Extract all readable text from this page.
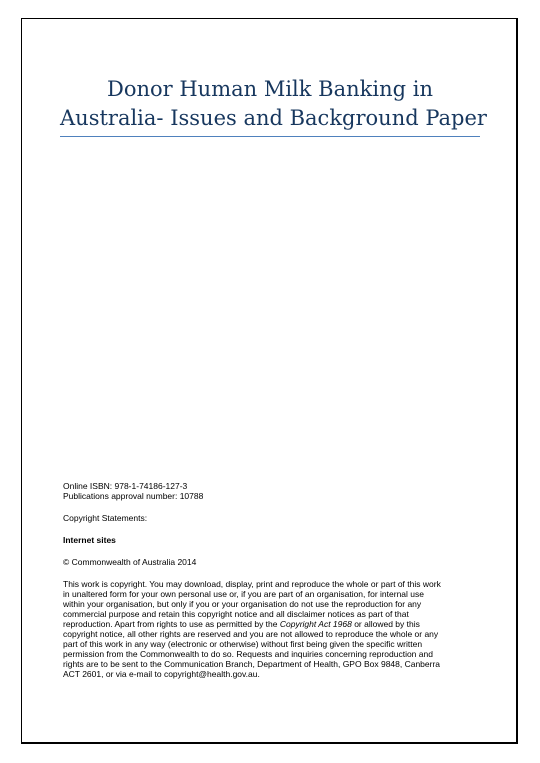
Donor Human Milk Banking in
Australia- Issues and Background Paper

Online ISBN: 978-1-74186-127-3

Publications approval number: 10788

Copyright Statements:

Internet sites

© Commonwealth of Australia 2014

This work is copyright. You may download, display, print and reproduce the whole or part of this work
in unaltered form for your own personal use or, if you are part of an organisation, for internal use
within your organisation, but only if you or your organisation do not use the reproduction for any
commercial purpose and retain this copyright notice and all disclaimer notices as part of that
reproduction. Apart from rights to use as permitted by the Copyright Act 1968 or allowed by this
copyright notice, all other rights are reserved and you are not allowed to reproduce the whole or any
part of this work in any way (electronic or otherwise) without first being given the specific written
permission from the Commonwealth to do so. Requests and inquiries concerning reproduction and
rights are to be sent to the Communication Branch, Department of Health, GPO Box 9848, Canberra
ACT 2601, or via e-mail to copyright@health.gov.au.
